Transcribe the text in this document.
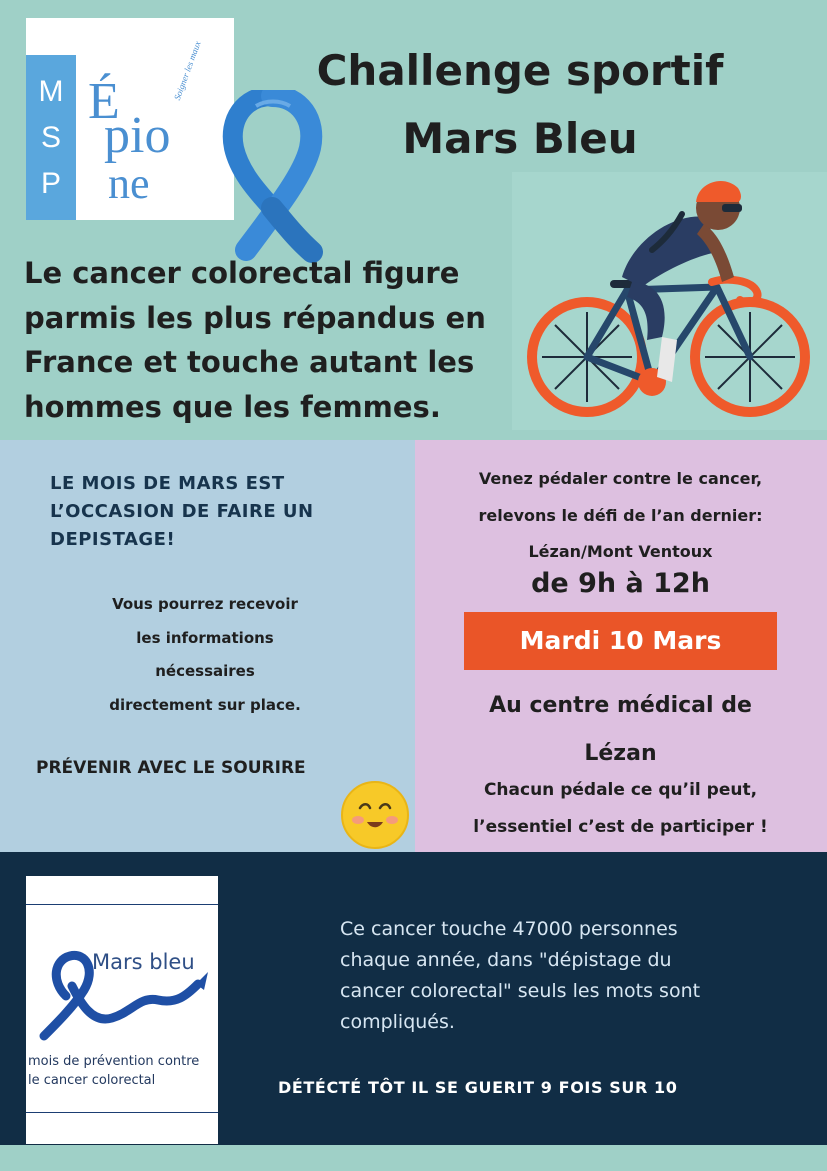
M
S
P
É
pio
ne
Soigner les maux	Challenge sportif
Mars Bleu
Le cancer colorectal figure
parmis les plus répandus en
France et touche autant les
hommes que les femmes.
LE MOIS DE MARS EST
L’OCCASION DE FAIRE UN
DEPISTAGE!
Vous pourrez recevoir
les informations
nécessaires
directement sur place.
PRÉVENIR AVEC LE SOURIRE
Venez pédaler contre le cancer,
relevons le défi de l’an dernier:
Lézan/Mont Ventoux
de 9h à 12h
Mardi 10 Mars
Au centre médical de
Lézan
Chacun pédale ce qu’il peut,
l’essentiel c’est de participer !
Mars bleu
mois de prévention contre
le cancer colorectal
Ce cancer touche 47000 personnes
chaque année, dans "dépistage du
cancer colorectal" seuls les mots sont
compliqués.
DÉTÉCTÉ TÔT IL SE GUERIT 9 FOIS SUR 10
